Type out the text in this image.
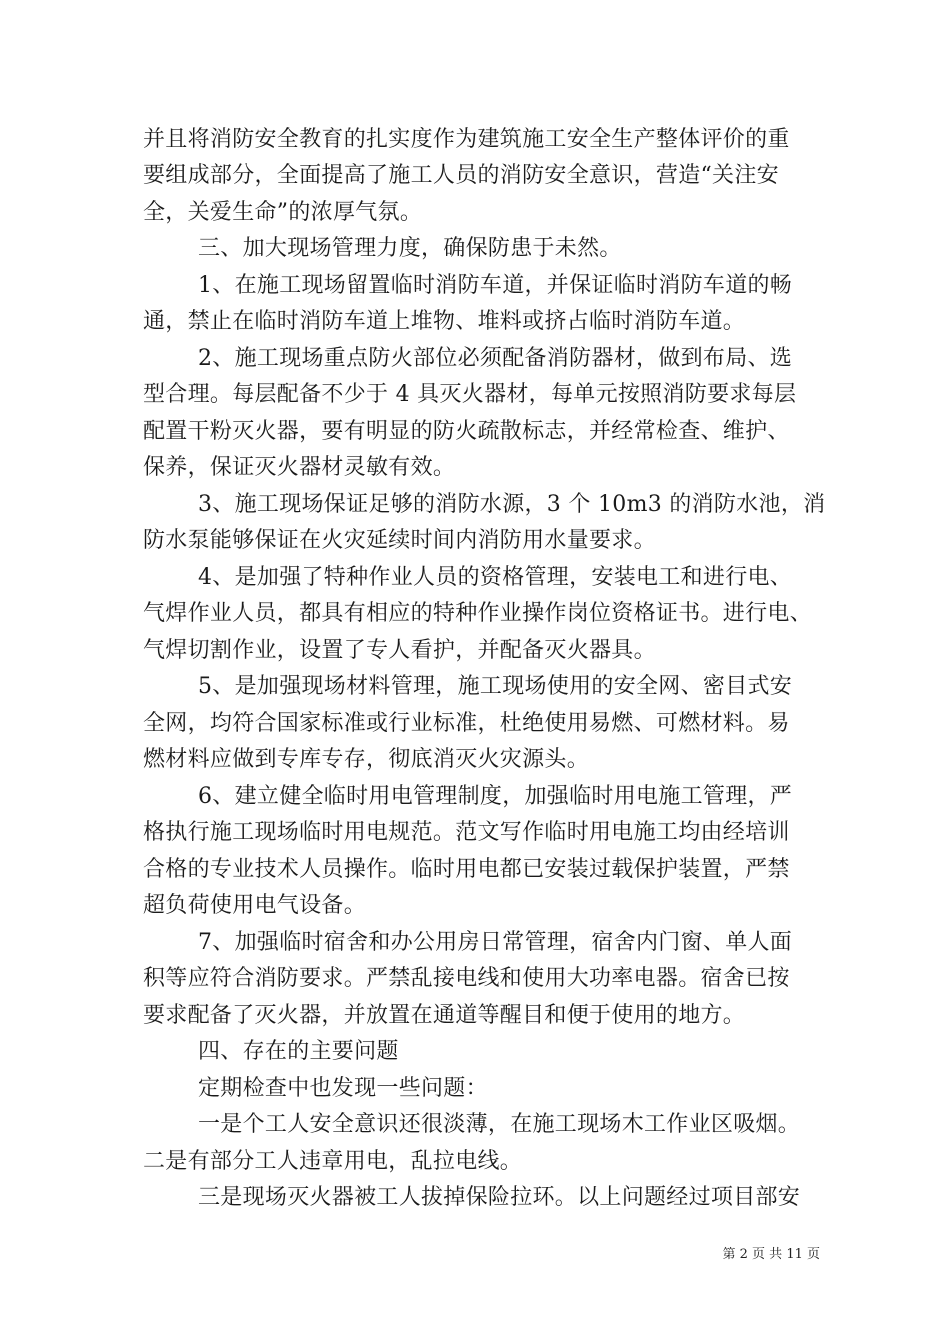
并且将消防安全教育的扎实度作为建筑施工安全生产整体评价的重
要组成部分，全面提高了施工人员的消防安全意识，营造“关注安
全，关爱生命”的浓厚气氛。
三、加大现场管理力度，确保防患于未然。
1、在施工现场留置临时消防车道，并保证临时消防车道的畅
通，禁止在临时消防车道上堆物、堆料或挤占临时消防车道。
2、施工现场重点防火部位必须配备消防器材，做到布局、选
型合理。每层配备不少于 4 具灭火器材，每单元按照消防要求每层
配置干粉灭火器，要有明显的防火疏散标志，并经常检查、维护、
保养，保证灭火器材灵敏有效。
3、施工现场保证足够的消防水源，3 个 10m3 的消防水池，消
防水泵能够保证在火灾延续时间内消防用水量要求。
4、是加强了特种作业人员的资格管理，安装电工和进行电、
气焊作业人员，都具有相应的特种作业操作岗位资格证书。进行电、
气焊切割作业，设置了专人看护，并配备灭火器具。
5、是加强现场材料管理，施工现场使用的安全网、密目式安
全网，均符合国家标准或行业标准，杜绝使用易燃、可燃材料。易
燃材料应做到专库专存，彻底消灭火灾源头。
6、建立健全临时用电管理制度，加强临时用电施工管理，严
格执行施工现场临时用电规范。范文写作临时用电施工均由经培训
合格的专业技术人员操作。临时用电都已安装过载保护装置，严禁
超负荷使用电气设备。
7、加强临时宿舍和办公用房日常管理，宿舍内门窗、单人面
积等应符合消防要求。严禁乱接电线和使用大功率电器。宿舍已按
要求配备了灭火器，并放置在通道等醒目和便于使用的地方。
四、存在的主要问题
定期检查中也发现一些问题：
一是个工人安全意识还很淡薄，在施工现场木工作业区吸烟。
二是有部分工人违章用电，乱拉电线。
三是现场灭火器被工人拔掉保险拉环。以上问题经过项目部安
第 2 页 共 11 页
